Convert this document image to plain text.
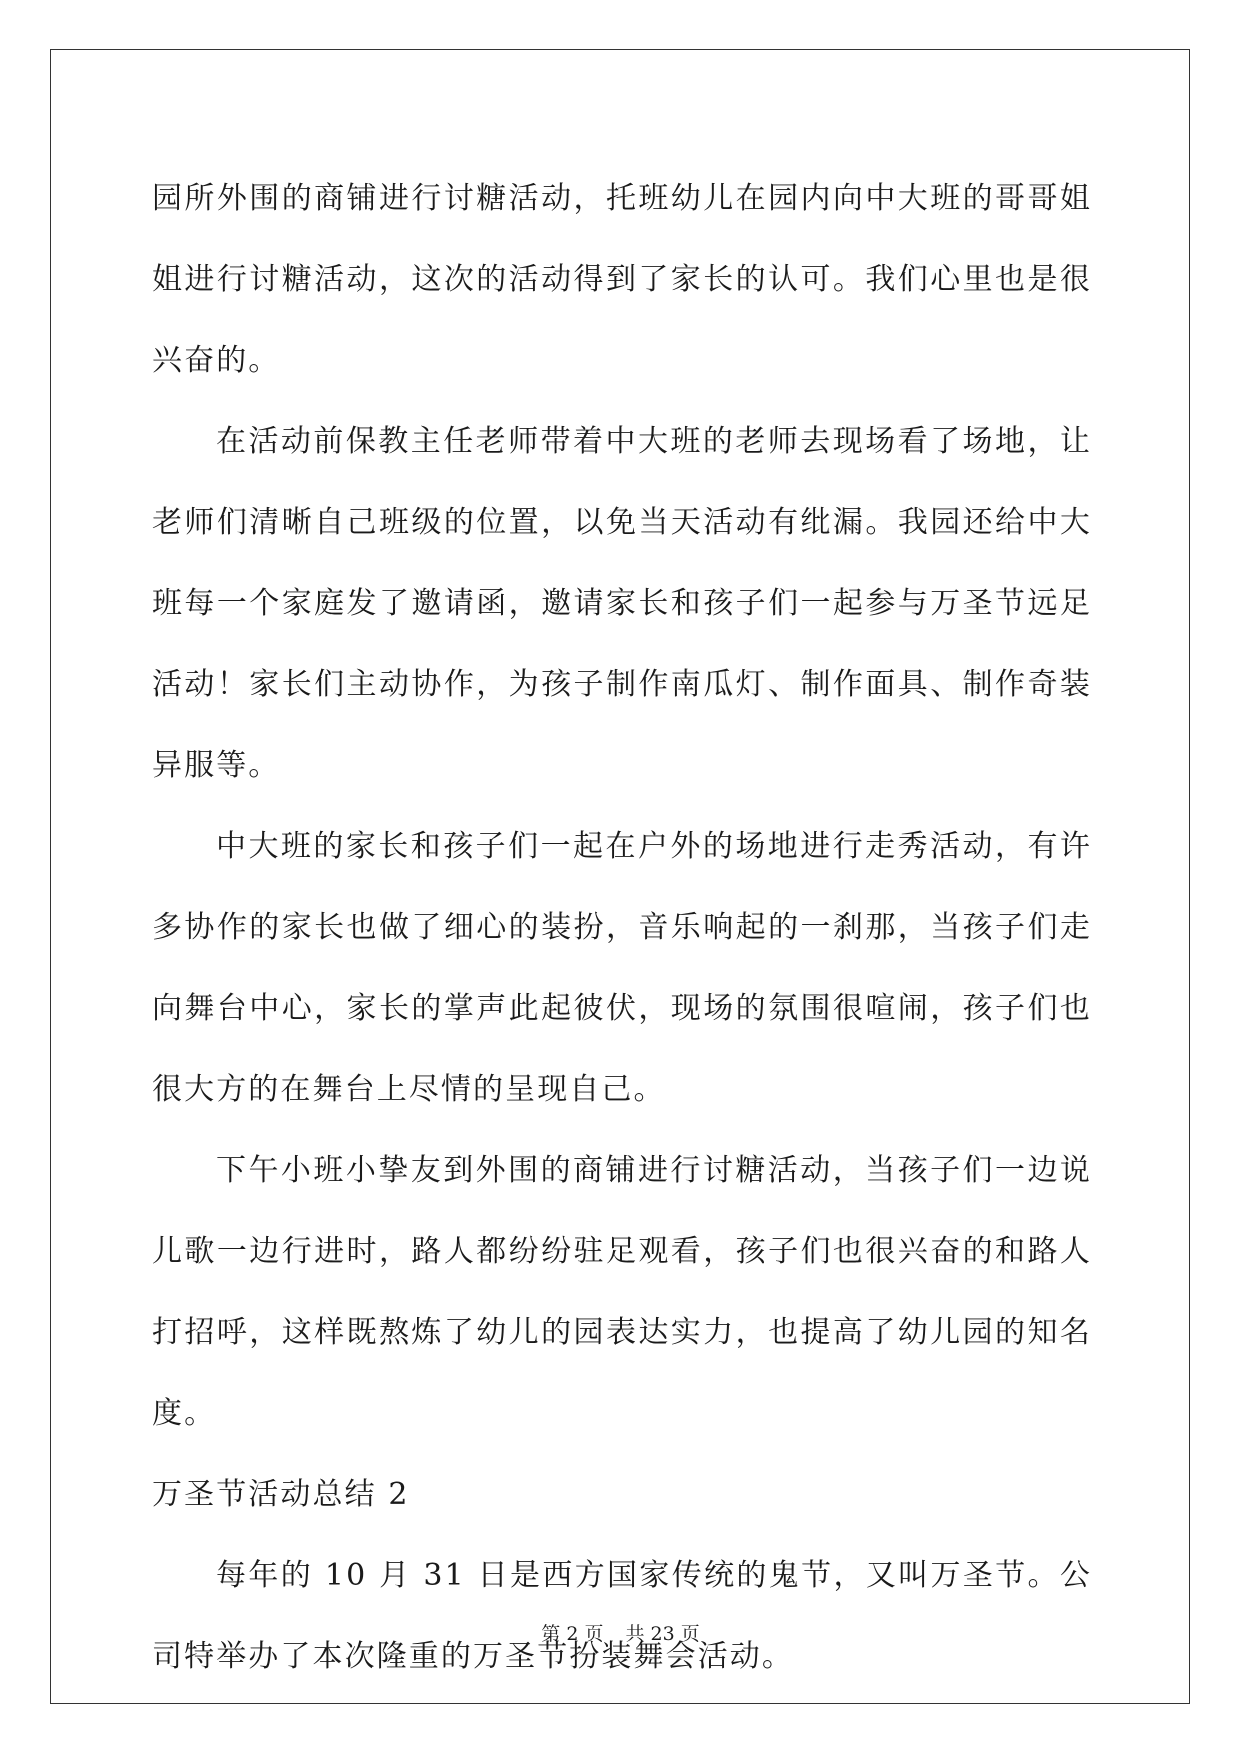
园所外围的商铺进行讨糖活动，托班幼儿在园内向中大班的哥哥姐姐进行讨糖活动，这次的活动得到了家长的认可。我们心里也是很兴奋的。

在活动前保教主任老师带着中大班的老师去现场看了场地，让老师们清晰自己班级的位置，以免当天活动有纰漏。我园还给中大班每一个家庭发了邀请函，邀请家长和孩子们一起参与万圣节远足活动！家长们主动协作，为孩子制作南瓜灯、制作面具、制作奇装异服等。

中大班的家长和孩子们一起在户外的场地进行走秀活动，有许多协作的家长也做了细心的装扮，音乐响起的一刹那，当孩子们走向舞台中心，家长的掌声此起彼伏，现场的氛围很喧闹，孩子们也很大方的在舞台上尽情的呈现自己。

下午小班小挚友到外围的商铺进行讨糖活动，当孩子们一边说儿歌一边行进时，路人都纷纷驻足观看，孩子们也很兴奋的和路人打招呼，这样既熬炼了幼儿的园表达实力，也提高了幼儿园的知名度。

万圣节活动总结 2

每年的 10 月 31 日是西方国家传统的鬼节，又叫万圣节。公司特举办了本次隆重的万圣节扮装舞会活动。

第 2 页 共 23 页
